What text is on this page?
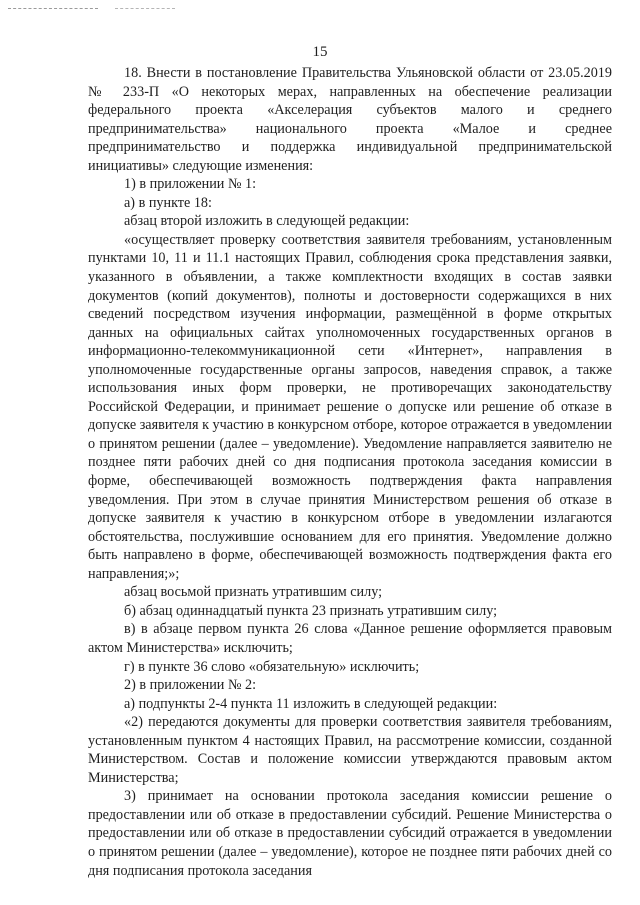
15

18. Внести в постановление Правительства Ульяновской области от 23.05.2019 № 233-П «О некоторых мерах, направленных на обеспечение реализации федерального проекта «Акселерация субъектов малого и среднего предпринимательства» национального проекта «Малое и среднее предпринимательство и поддержка индивидуальной предпринимательской инициативы» следующие изменения:

1) в приложении № 1:

а) в пункте 18:

абзац второй изложить в следующей редакции:

«осуществляет проверку соответствия заявителя требованиям, установленным пунктами 10, 11 и 11.1 настоящих Правил, соблюдения срока представления заявки, указанного в объявлении, а также комплектности входящих в состав заявки документов (копий документов), полноты и достоверности содержащихся в них сведений посредством изучения информации, размещённой в форме открытых данных на официальных сайтах уполномоченных государственных органов в информационно-телекоммуникационной сети «Интернет», направления в уполномоченные государственные органы запросов, наведения справок, а также использования иных форм проверки, не противоречащих законодательству Российской Федерации, и принимает решение о допуске или решение об отказе в допуске заявителя к участию в конкурсном отборе, которое отражается в уведомлении о принятом решении (далее – уведомление). Уведомление направляется заявителю не позднее пяти рабочих дней со дня подписания протокола заседания комиссии в форме, обеспечивающей возможность подтверждения факта направления уведомления. При этом в случае принятия Министерством решения об отказе в допуске заявителя к участию в конкурсном отборе в уведомлении излагаются обстоятельства, послужившие основанием для его принятия. Уведомление должно быть направлено в форме, обеспечивающей возможность подтверждения факта его направления;»;

абзац восьмой признать утратившим силу;

б) абзац одиннадцатый пункта 23 признать утратившим силу;

в) в абзаце первом пункта 26 слова «Данное решение оформляется правовым актом Министерства» исключить;

г) в пункте 36 слово «обязательную» исключить;

2) в приложении № 2:

а) подпункты 2-4 пункта 11 изложить в следующей редакции:

«2) передаются документы для проверки соответствия заявителя требованиям, установленным пунктом 4 настоящих Правил, на рассмотрение комиссии, созданной Министерством. Состав и положение комиссии утверждаются правовым актом Министерства;

3) принимает на основании протокола заседания комиссии решение о предоставлении или об отказе в предоставлении субсидий. Решение Министерства о предоставлении или об отказе в предоставлении субсидий отражается в уведомлении о принятом решении (далее – уведомление), которое не позднее пяти рабочих дней со дня подписания протокола заседания
